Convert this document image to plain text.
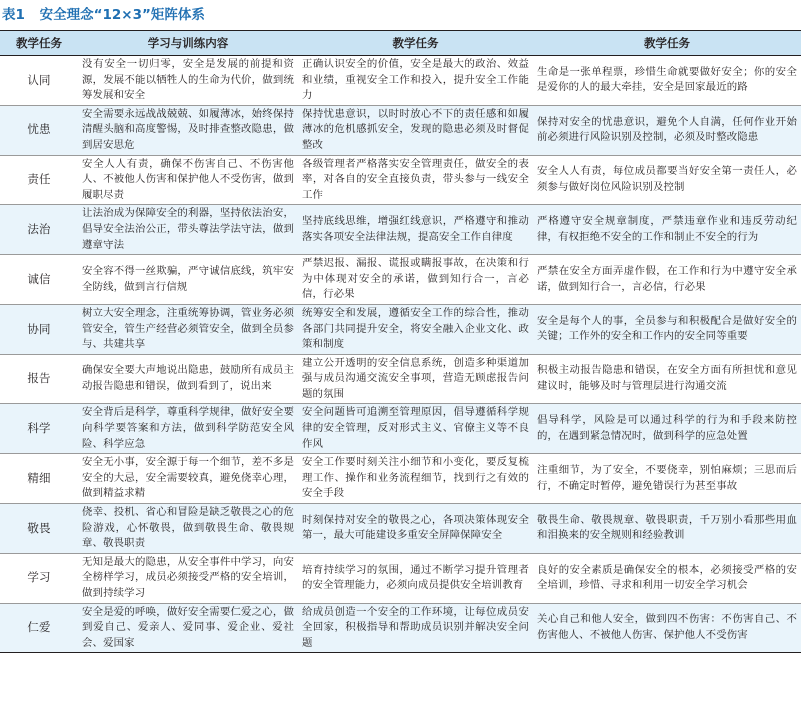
表1 安全理念“12×3”矩阵体系
教学任务	学习与训练内容	教学任务	教学任务
认同	没有安全一切归零，安全是发展的前提和资源，发展不能以牺牲人的生命为代价，做到统筹发展和安全	正确认识安全的价值，安全是最大的政治、效益和业绩，重视安全工作和投入，提升安全工作能力	生命是一张单程票，珍惜生命就要做好安全；你的安全是爱你的人的最大牵挂，安全是回家最近的路
忧患	安全需要永远战战兢兢、如履薄冰，始终保持清醒头脑和高度警惕，及时排查整改隐患，做到居安思危	保持忧患意识，以时时放心不下的责任感和如履薄冰的危机感抓安全，发现的隐患必须及时督促整改	保持对安全的忧患意识，避免个人自满，任何作业开始前必须进行风险识别及控制，必须及时整改隐患
责任	安全人人有责，确保不伤害自己、不伤害他人、不被他人伤害和保护他人不受伤害，做到履职尽责	各级管理者严格落实安全管理责任，做安全的表率，对各自的安全直接负责，带头参与一线安全工作	安全人人有责，每位成员都要当好安全第一责任人，必须参与做好岗位风险识别及控制
法治	让法治成为保障安全的利器，坚持依法治安，倡导安全法治公正，带头尊法学法守法，做到遵章守法	坚持底线思维，增强红线意识，严格遵守和推动落实各项安全法律法规，提高安全工作自律度	严格遵守安全规章制度，严禁违章作业和违反劳动纪律，有权拒绝不安全的工作和制止不安全的行为
诚信	安全容不得一丝欺骗，严守诚信底线，筑牢安全防线，做到言行信规	严禁迟报、漏报、谎报或瞒报事故，在决策和行为中体现对安全的承诺，做到知行合一，言必信，行必果	严禁在安全方面弄虚作假，在工作和行为中遵守安全承诺，做到知行合一，言必信，行必果
协同	树立大安全理念，注重统筹协调，管业务必须管安全，管生产经营必须管安全，做到全员参与、共建共享	统筹安全和发展，遵循安全工作的综合性，推动各部门共同提升安全，将安全融入企业文化、政策和制度	安全是每个人的事，全员参与和积极配合是做好安全的关键；工作外的安全和工作内的安全同等重要
报告	确保安全要大声地说出隐患，鼓励所有成员主动报告隐患和错误，做到看到了，说出来	建立公开透明的安全信息系统，创造多种渠道加强与成员沟通交流安全事项，营造无顾虑报告问题的氛围	积极主动报告隐患和错误，在安全方面有所担忧和意见建议时，能够及时与管理层进行沟通交流
科学	安全背后是科学，尊重科学规律，做好安全要向科学要答案和方法，做到科学防范安全风险、科学应急	安全问题皆可追溯至管理原因，倡导遵循科学规律的安全管理，反对形式主义、官僚主义等不良作风	倡导科学，风险是可以通过科学的行为和手段来防控的，在遇到紧急情况时，做到科学的应急处置
精细	安全无小事，安全源于每一个细节，差不多是安全的大忌，安全需要较真，避免侥幸心理，做到精益求精	安全工作要时刻关注小细节和小变化，要反复梳理工作、操作和业务流程细节，找到行之有效的安全手段	注重细节，为了安全，不要侥幸，别怕麻烦；三思而后行，不确定时暂停，避免错误行为甚至事故
敬畏	侥幸、投机、省心和冒险是缺乏敬畏之心的危险游戏，心怀敬畏，做到敬畏生命、敬畏规章、敬畏职责	时刻保持对安全的敬畏之心，各项决策体现安全第一，最大可能建设多重安全屏障保障安全	敬畏生命、敬畏规章、敬畏职责，千万别小看那些用血和泪换来的安全规则和经验教训
学习	无知是最大的隐患，从安全事件中学习，向安全榜样学习，成员必须接受严格的安全培训，做到持续学习	培育持续学习的氛围，通过不断学习提升管理者的安全管理能力，必须向成员提供安全培训教育	良好的安全素质是确保安全的根本，必须接受严格的安全培训，珍惜、寻求和利用一切安全学习机会
仁爱	安全是爱的呼唤，做好安全需要仁爱之心，做到爱自己、爱亲人、爱同事、爱企业、爱社会、爱国家	给成员创造一个安全的工作环境，让每位成员安全回家，积极指导和帮助成员识别并解决安全问题	关心自己和他人安全，做到四不伤害：不伤害自己、不伤害他人、不被他人伤害、保护他人不受伤害
